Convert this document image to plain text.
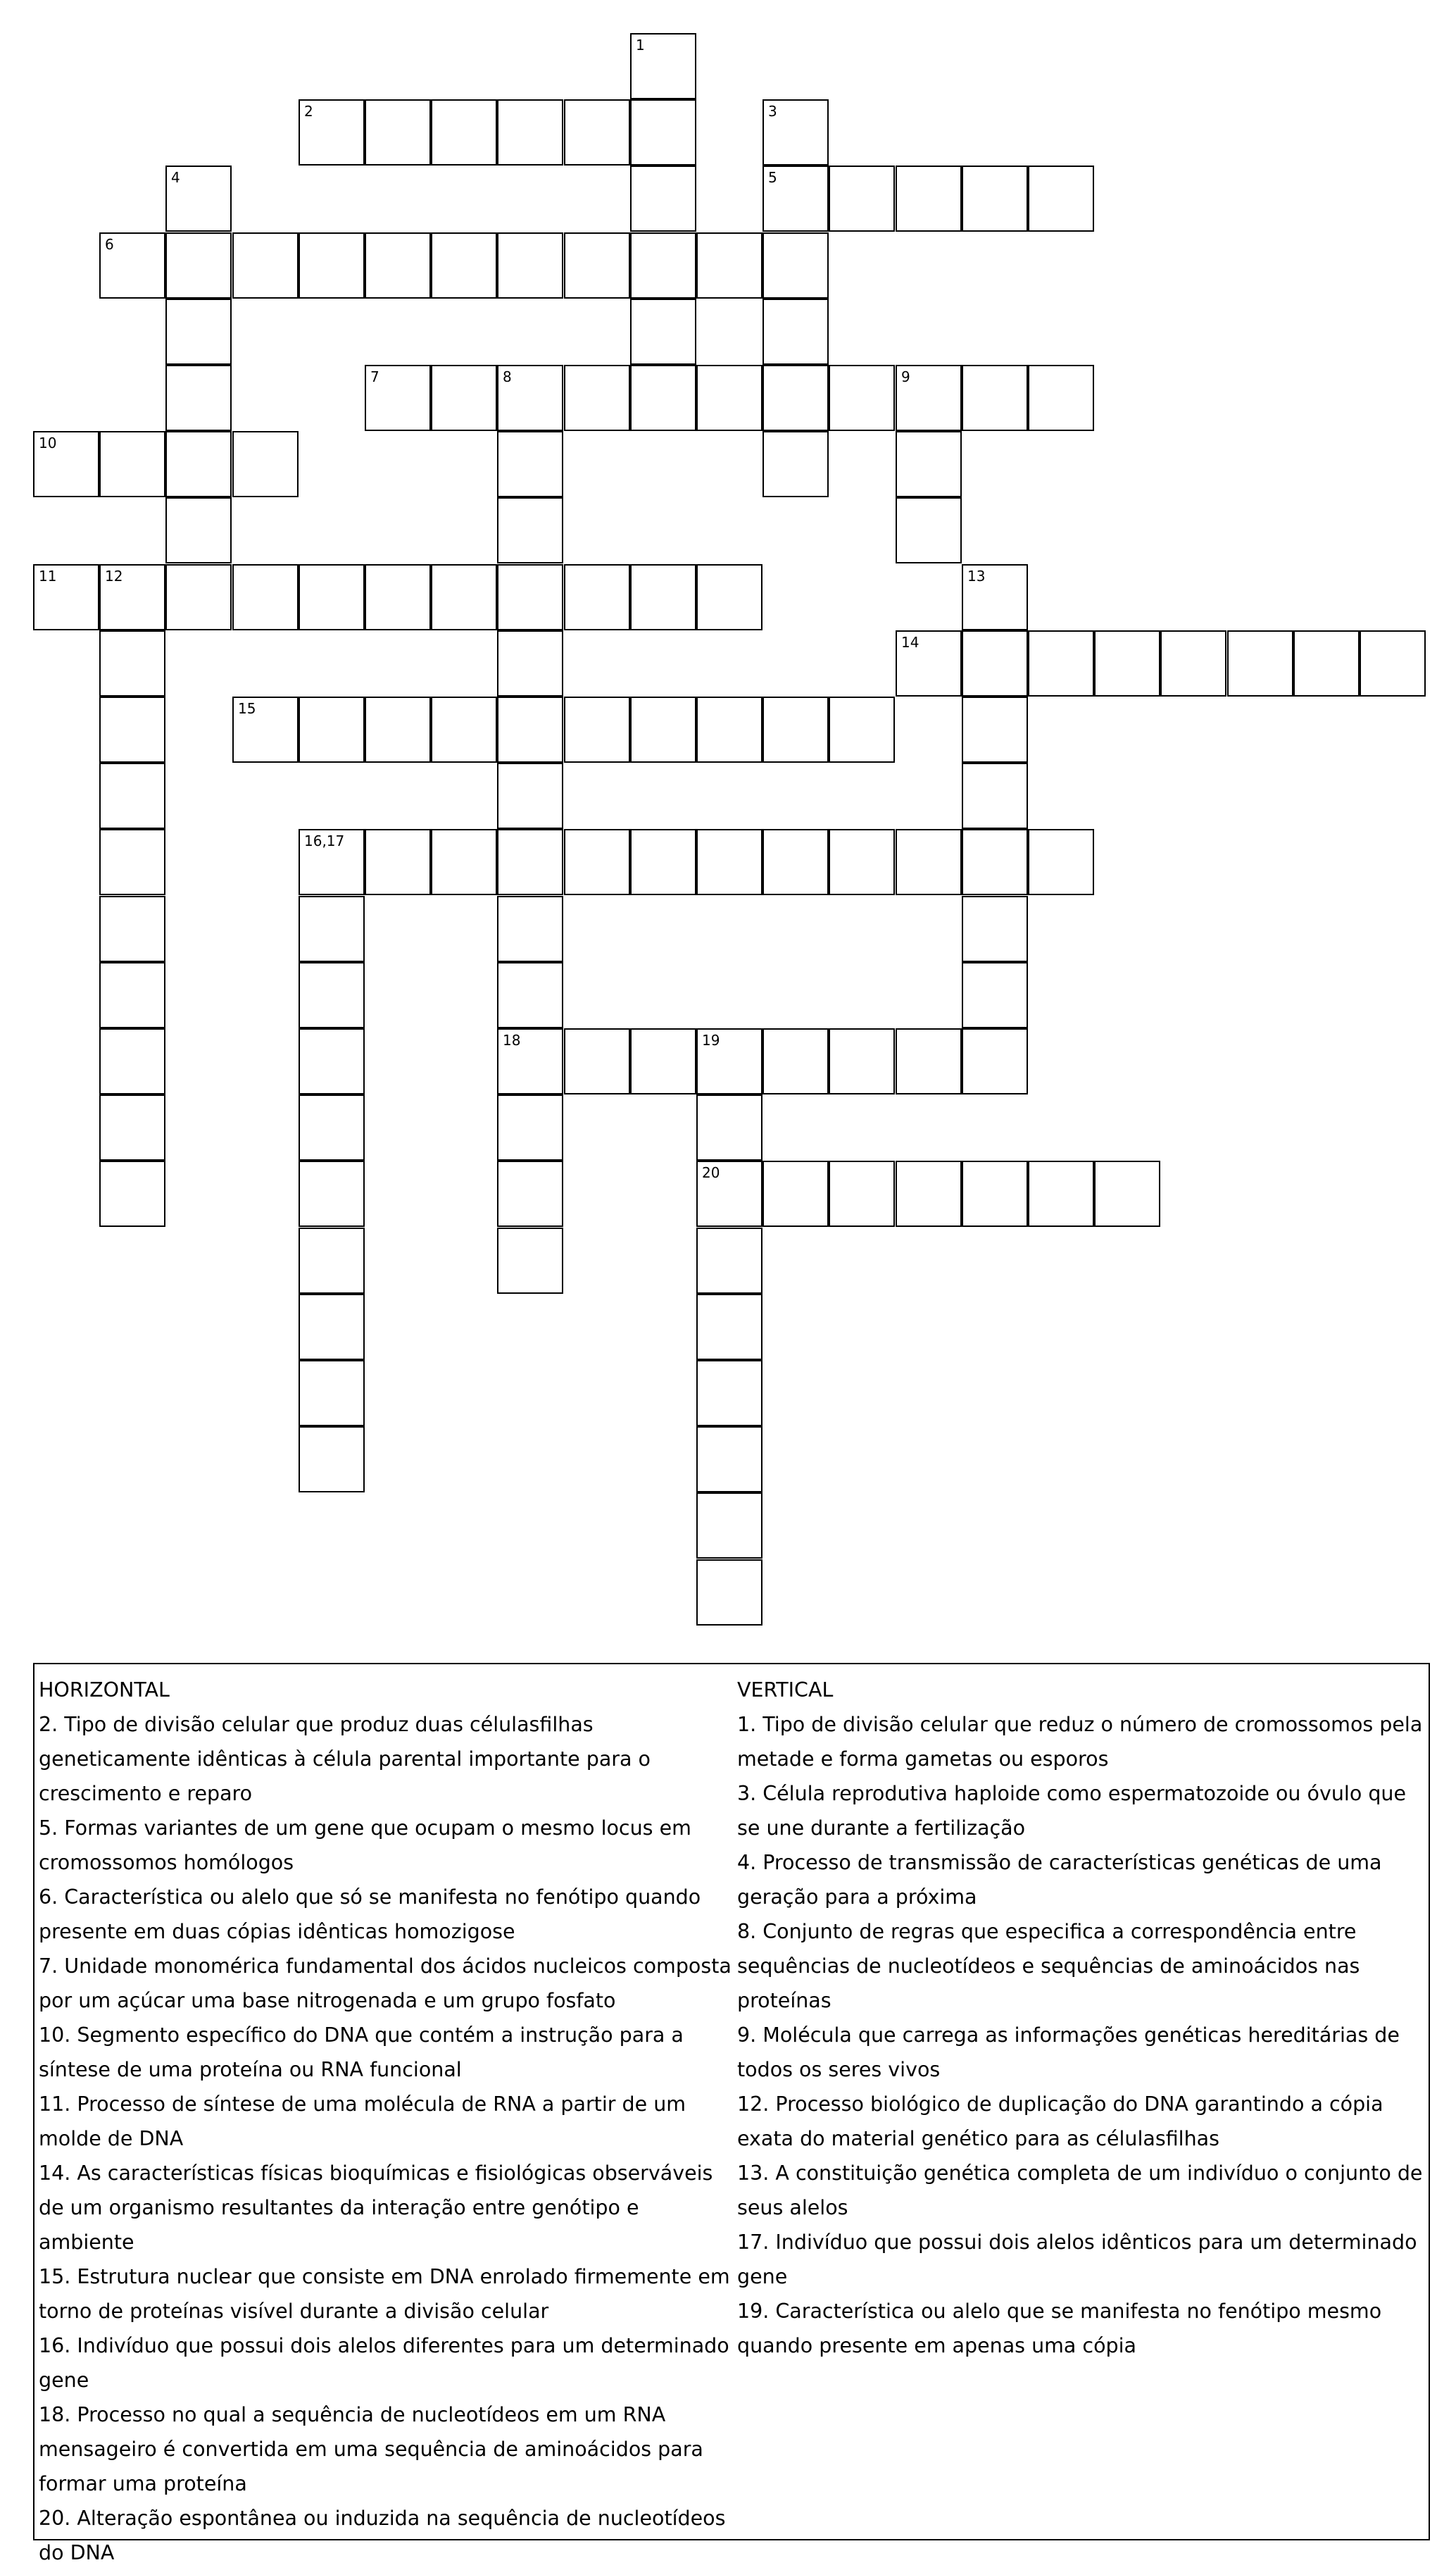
1
2	3
4	5
6
7	8	9
10
11	12	13
14
15
16,17
18	19
20
HORIZONTAL
2. Tipo de divisão celular que produz duas célulasfilhas geneticamente idênticas à célula parental importante para o crescimento e reparo
5. Formas variantes de um gene que ocupam o mesmo locus em cromossomos homólogos
6. Característica ou alelo que só se manifesta no fenótipo quando presente em duas cópias idênticas homozigose
7. Unidade monomérica fundamental dos ácidos nucleicos composta por um açúcar uma base nitrogenada e um grupo fosfato
10. Segmento específico do DNA que contém a instrução para a síntese de uma proteína ou RNA funcional
11. Processo de síntese de uma molécula de RNA a partir de um molde de DNA
14. As características físicas bioquímicas e fisiológicas observáveis de um organismo resultantes da interação entre genótipo e ambiente
15. Estrutura nuclear que consiste em DNA enrolado firmemente em torno de proteínas visível durante a divisão celular
16. Indivíduo que possui dois alelos diferentes para um determinado gene
18. Processo no qual a sequência de nucleotídeos em um RNA mensageiro é convertida em uma sequência de aminoácidos para formar uma proteína
20. Alteração espontânea ou induzida na sequência de nucleotídeos do DNA
VERTICAL
1. Tipo de divisão celular que reduz o número de cromossomos pela metade e forma gametas ou esporos
3. Célula reprodutiva haploide como espermatozoide ou óvulo que se une durante a fertilização
4. Processo de transmissão de características genéticas de uma geração para a próxima
8. Conjunto de regras que especifica a correspondência entre sequências de nucleotídeos e sequências de aminoácidos nas proteínas
9. Molécula que carrega as informações genéticas hereditárias de todos os seres vivos
12. Processo biológico de duplicação do DNA garantindo a cópia exata do material genético para as célulasfilhas
13. A constituição genética completa de um indivíduo o conjunto de seus alelos
17. Indivíduo que possui dois alelos idênticos para um determinado gene
19. Característica ou alelo que se manifesta no fenótipo mesmo quando presente em apenas uma cópia
